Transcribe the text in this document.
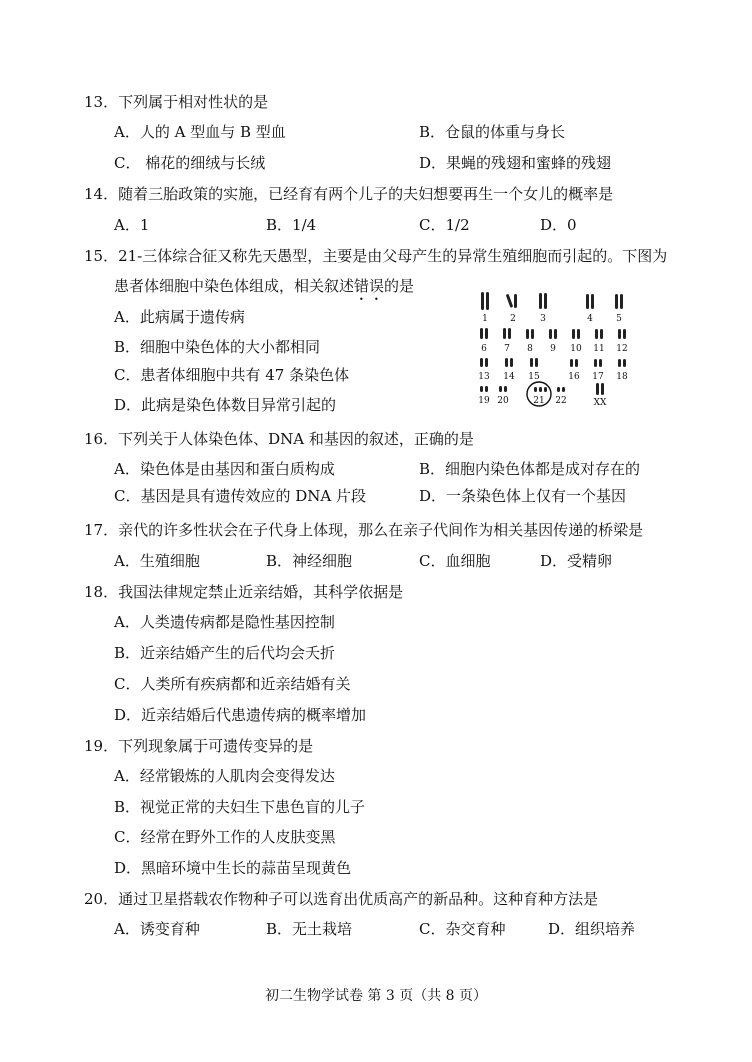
13．下列属于相对性状的是
A．人的 A 型血与 B 型血	B．仓鼠的体重与身长
C． 棉花的细绒与长绒	D．果蝇的残翅和蜜蜂的残翅
14．随着三胎政策的实施，已经育有两个儿子的夫妇想要再生一个女儿的概率是
A．1	B．1/4	C．1/2	D．0
15．21-三体综合征又称先天愚型，主要是由父母产生的异常生殖细胞而引起的。下图为
患者体细胞中染色体组成，相关叙述错误的是
A．此病属于遗传病
B．细胞中染色体的大小都相同
C．患者体细胞中共有 47 条染色体
D．此病是染色体数目异常引起的
1 2	3	4	5
6 7 8 9 10 11 12
13 14 15	16 17 18
19 20	21 22	XX
16．下列关于人体染色体、DNA 和基因的叙述，正确的是
A．染色体是由基因和蛋白质构成	B．细胞内染色体都是成对存在的
C．基因是具有遗传效应的 DNA 片段	D．一条染色体上仅有一个基因
17．亲代的许多性状会在子代身上体现，那么在亲子代间作为相关基因传递的桥梁是
A．生殖细胞	B．神经细胞	C．血细胞	D．受精卵
18．我国法律规定禁止近亲结婚，其科学依据是
A．人类遗传病都是隐性基因控制
B．近亲结婚产生的后代均会夭折
C．人类所有疾病都和近亲结婚有关
D．近亲结婚后代患遗传病的概率增加
19．下列现象属于可遗传变异的是
A．经常锻炼的人肌肉会变得发达
B．视觉正常的夫妇生下患色盲的儿子
C．经常在野外工作的人皮肤变黑
D．黑暗环境中生长的蒜苗呈现黄色
20．通过卫星搭载农作物种子可以选育出优质高产的新品种。这种育种方法是
A．诱变育种	B．无土栽培	C．杂交育种	D．组织培养
初二生物学试卷 第 3 页（共 8 页）
